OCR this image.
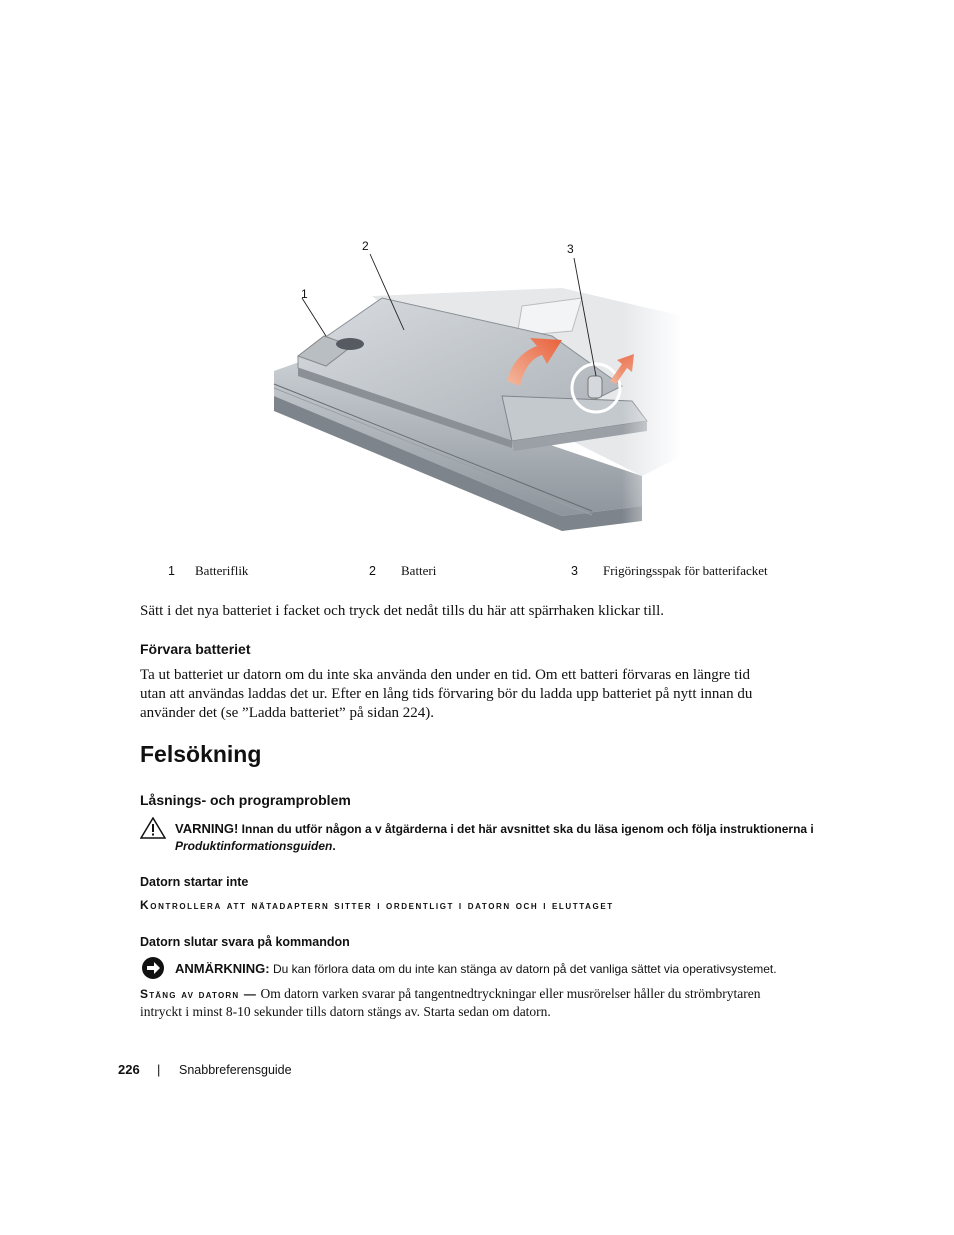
1
2	3
1 Batteriflik	2 Batteri	3 Frigöringsspak för batterifacket
Sätt i det nya batteriet i facket och tryck det nedåt tills du här att spärrhaken klickar till.
Förvara batteriet
Ta ut batteriet ur datorn om du inte ska använda den under en tid. Om ett batteri förvaras en längre tid
utan att användas laddas det ur. Efter en lång tids förvaring bör du ladda upp batteriet på nytt innan du
använder det (se ”Ladda batteriet” på sidan 224).
Felsökning
Låsnings- och programproblem
VARNING! Innan du utför någon a v åtgärderna i det här avsnittet ska du läsa igenom och följa instruktionerna i
Produktinformationsguiden.
Datorn startar inte
Kontrollera att nätadaptern sitter i ordentligt i datorn och i eluttaget
Datorn slutar svara på kommandon
ANMÄRKNING: Du kan förlora data om du inte kan stänga av datorn på det vanliga sättet via operativsystemet.
Stäng av datorn — Om datorn varken svarar på tangentnedtryckningar eller musrörelser håller du strömbrytaren
intryckt i minst 8-10 sekunder tills datorn stängs av. Starta sedan om datorn.
226 | Snabbreferensguide
